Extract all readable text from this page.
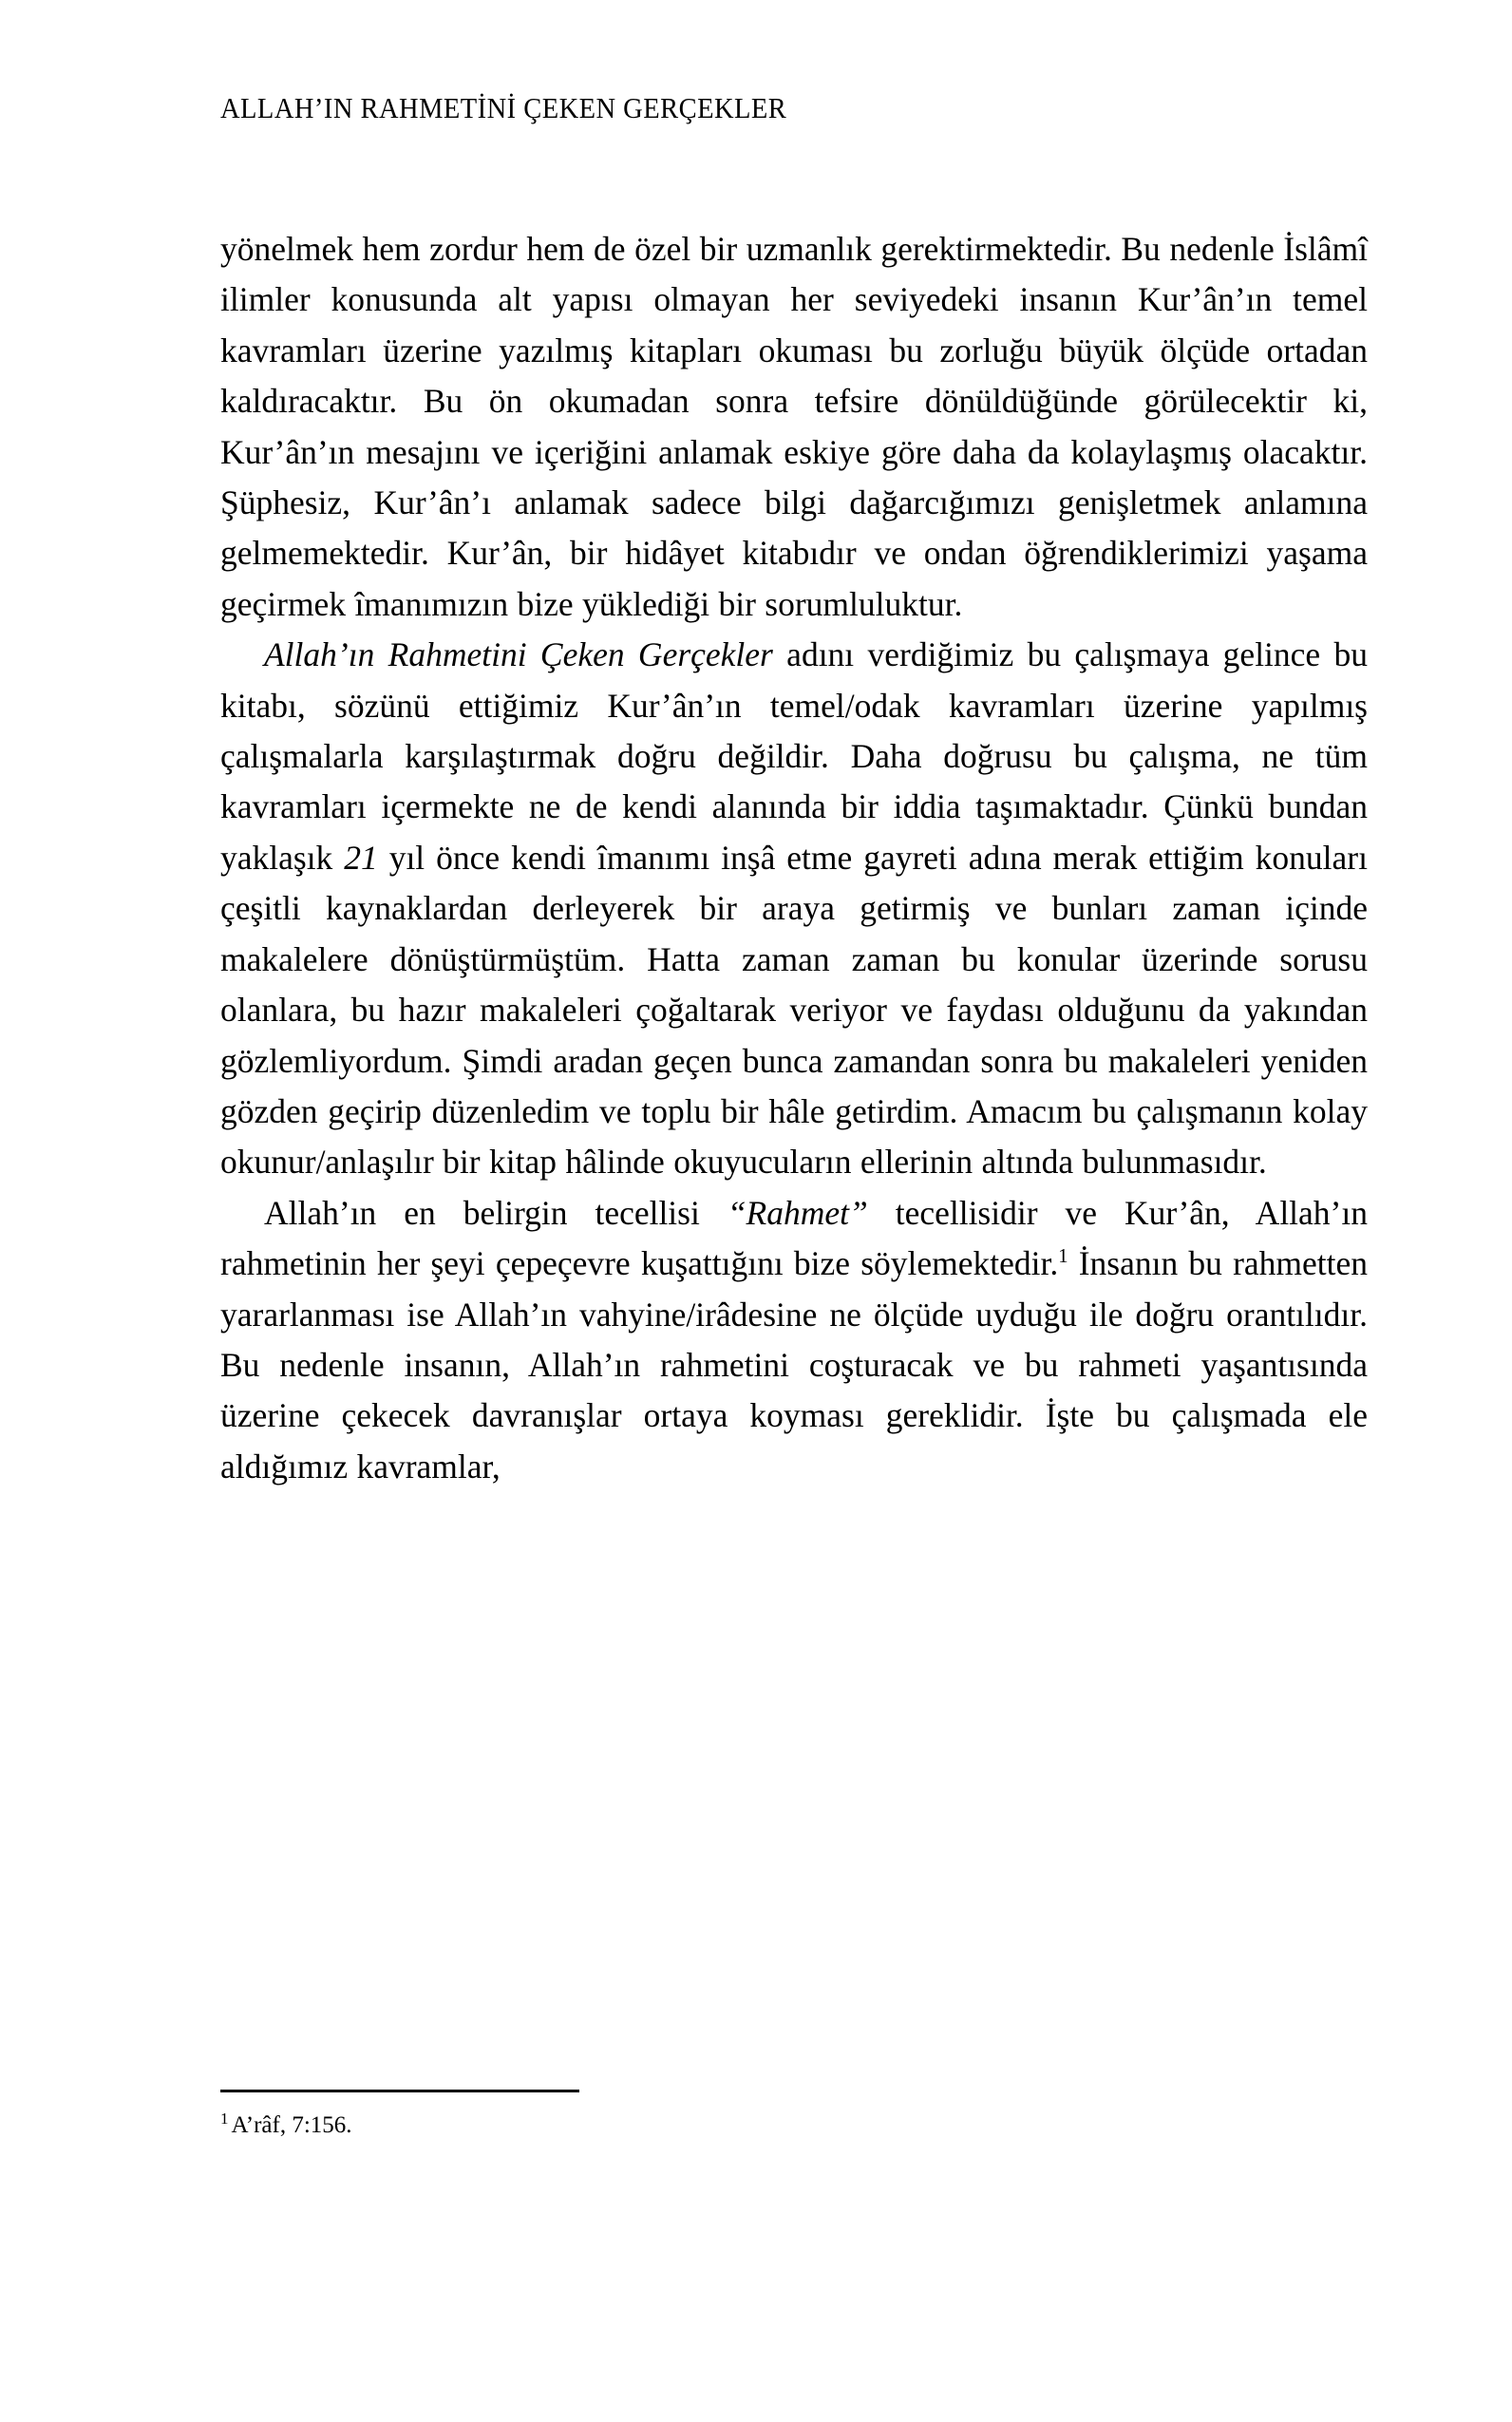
ALLAH’IN RAHMETİNİ ÇEKEN GERÇEKLER

yönelmek hem zordur hem de özel bir uzmanlık gerektirmektedir. Bu nedenle İslâmî ilimler konusunda alt yapısı olmayan her seviyedeki insanın Kur’ân’ın temel kavramları üzerine yazılmış kitapları okuması bu zorluğu büyük ölçüde ortadan kaldıracaktır. Bu ön okumadan sonra tefsire dönüldüğünde görülecektir ki, Kur’ân’ın mesajını ve içeriğini anlamak eskiye göre daha da kolaylaşmış olacaktır. Şüphesiz, Kur’ân’ı anlamak sadece bilgi dağarcığımızı genişletmek anlamına gelmemektedir. Kur’ân, bir hidâyet kitabıdır ve ondan öğrendiklerimizi yaşama geçirmek îmanımızın bize yüklediği bir sorumluluktur.

Allah’ın Rahmetini Çeken Gerçekler adını verdiğimiz bu çalışmaya gelince bu kitabı, sözünü ettiğimiz Kur’ân’ın temel/odak kavramları üzerine yapılmış çalışmalarla karşılaştırmak doğru değildir. Daha doğrusu bu çalışma, ne tüm kavramları içermekte ne de kendi alanında bir iddia taşımaktadır. Çünkü bundan yaklaşık 21 yıl önce kendi îmanımı inşâ etme gayreti adına merak ettiğim konuları çeşitli kaynaklardan derleyerek bir araya getirmiş ve bunları zaman içinde makalelere dönüştürmüştüm. Hatta zaman zaman bu konular üzerinde sorusu olanlara, bu hazır makaleleri çoğaltarak veriyor ve faydası olduğunu da yakından gözlemliyordum. Şimdi aradan geçen bunca zamandan sonra bu makaleleri yeniden gözden geçirip düzenledim ve toplu bir hâle getirdim. Amacım bu çalışmanın kolay okunur/anlaşılır bir kitap hâlinde okuyucuların ellerinin altında bulunmasıdır.

Allah’ın en belirgin tecellisi “Rahmet” tecellisidir ve Kur’ân, Allah’ın rahmetinin her şeyi çepeçevre kuşattığını bize söylemektedir.$^1$ İnsanın bu rahmetten yararlanması ise Allah’ın vahyine/irâdesine ne ölçüde uyduğu ile doğru orantılıdır. Bu nedenle insanın, Allah’ın rahmetini coşturacak ve bu rahmeti yaşantısında üzerine çekecek davranışlar ortaya koyması gereklidir. İşte bu çalışmada ele aldığımız kavramlar,

$^1$ A’râf, 7:156.
